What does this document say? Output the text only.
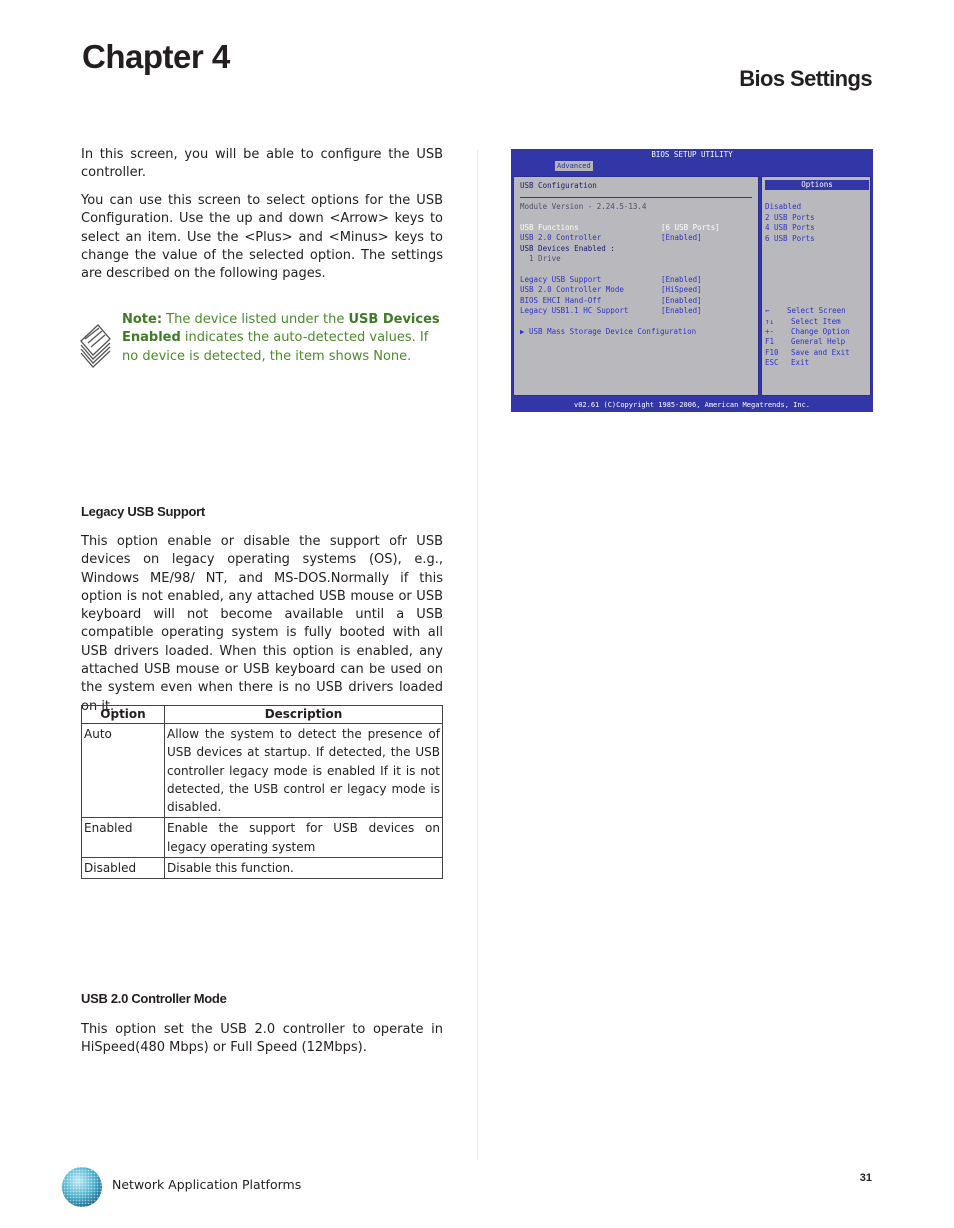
Chapter 4
Bios Settings
In this screen, you will be able to configure the USB controller.
You can use this screen to select options for the USB Configuration. Use the up and down <Arrow> keys to select an item. Use the <Plus> and <Minus> keys to change the value of the selected option. The settings are described on the following pages.
Note: The device listed under the USB Devices Enabled indicates the auto-detected values. If no device is detected, the item shows None.
Legacy USB Support
This option enable or disable the support ofr USB devices on legacy operating systems (OS), e.g., Windows ME/98/ NT, and MS-DOS.Normally if this option is not enabled, any attached USB mouse or USB keyboard will not become available until a USB compatible operating system is fully booted with all USB drivers loaded. When this option is enabled, any attached USB mouse or USB keyboard can be used on the system even when there is no USB drivers loaded on it.
Option	Description
Auto	Allow the system to detect the presence of USB devices at startup. If detected, the USB controller legacy mode is enabled If it is not detected, the USB control er legacy mode is disabled.
Enabled	Enable the support for USB devices on legacy operating system
Disabled	Disable this function.
USB 2.0 Controller Mode
This option set the USB 2.0 controller to operate in HiSpeed(480 Mbps) or Full Speed (12Mbps).
BIOS SETUP UTILITY
Advanced
USB Configuration
Module Version - 2.24.5-13.4
USB Functions	[6 USB Ports]
USB 2.0 Controller	[Enabled]
USB Devices Enabled :
1 Drive
Legacy USB Support	[Enabled]
USB 2.0 Controller Mode	[HiSpeed]
BIOS EHCI Hand-Off	[Enabled]
Legacy USB1.1 HC Support	[Enabled]
▶ USB Mass Storage Device Configuration
Options
Disabled
2 USB Ports
4 USB Ports
6 USB Ports
← Select Screen
↑↓ Select Item
+- Change Option
F1 General Help
F10 Save and Exit
ESC Exit
v02.61 (C)Copyright 1985-2006, American Megatrends, Inc.
Network Application Platforms	31
